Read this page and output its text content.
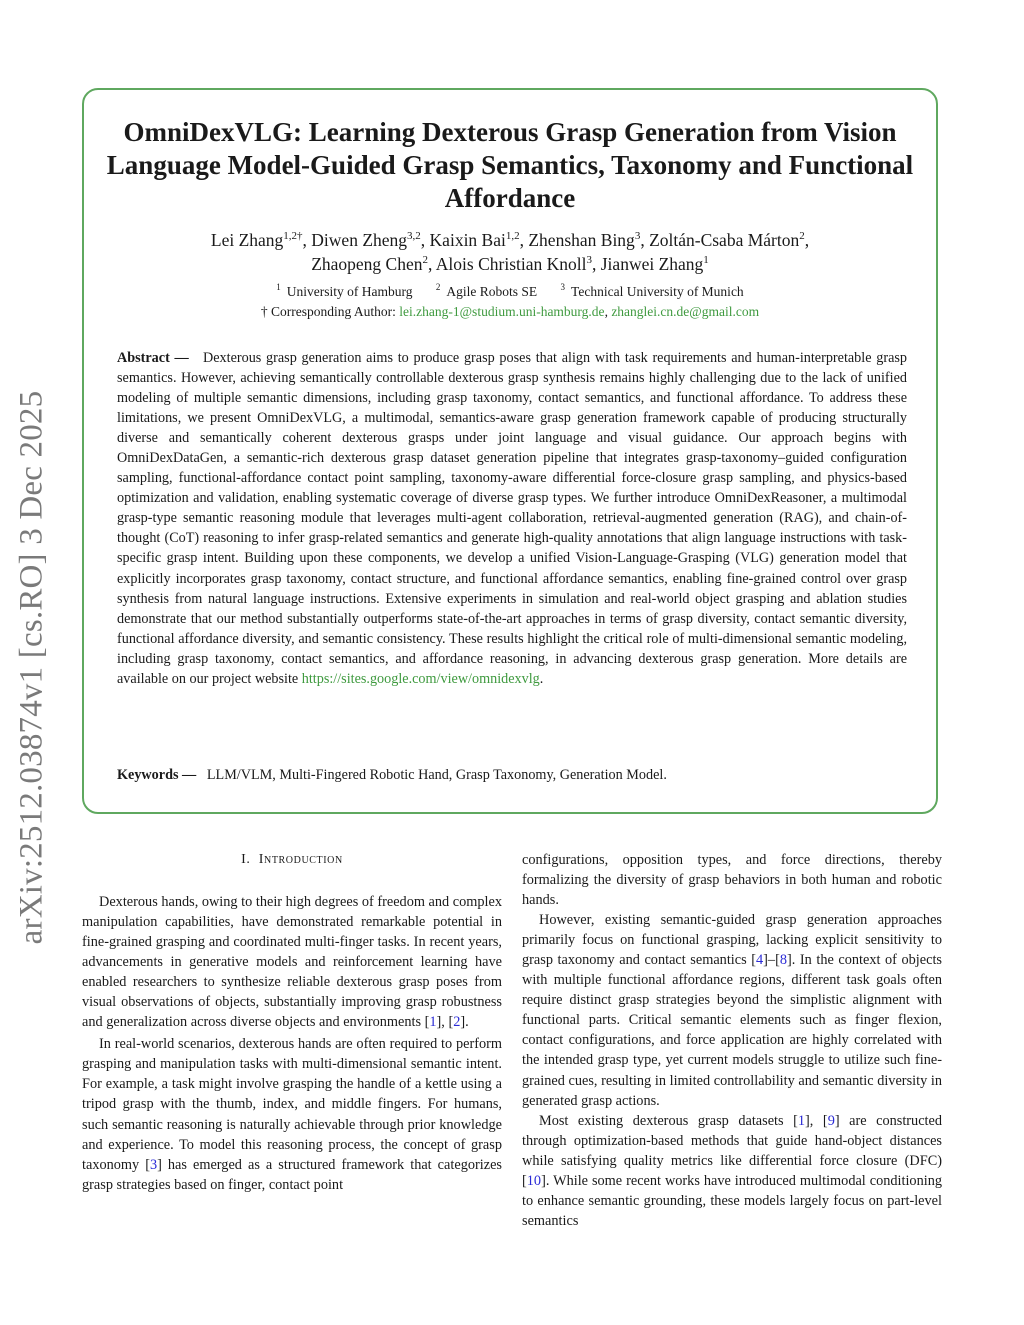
arXiv:2512.03874v1 [cs.RO] 3 Dec 2025
OmniDexVLG: Learning Dexterous Grasp Generation from Vision Language Model-Guided Grasp Semantics, Taxonomy and Functional Affordance
Lei Zhang$^{1,2\dagger}$, Diwen Zheng$^{3,2}$, Kaixin Bai$^{1,2}$, Zhenshan Bing$^3$, Zoltán-Csaba Márton$^2$,
Zhaopeng Chen$^2$, Alois Christian Knoll$^3$, Jianwei Zhang$^1$
$^1$ University of Hamburg	$^2$ Agile Robots SE	$^3$ Technical University of Munich
† Corresponding Author: lei.zhang-1@studium.uni-hamburg.de, zhanglei.cn.de@gmail.com

Abstract — Dexterous grasp generation aims to produce grasp poses that align with task requirements and human-interpretable grasp semantics. However, achieving semantically controllable dexterous grasp synthesis remains highly challenging due to the lack of unified modeling of multiple semantic dimensions, including grasp taxonomy, contact semantics, and functional affordance. To address these limitations, we present OmniDexVLG, a multimodal, semantics-aware grasp generation framework capable of producing structurally diverse and semantically coherent dexterous grasps under joint language and visual guidance. Our approach begins with OmniDexDataGen, a semantic-rich dexterous grasp dataset generation pipeline that integrates grasp-taxonomy–guided configuration sampling, functional-affordance contact point sampling, taxonomy-aware differential force-closure grasp sampling, and physics-based optimization and validation, enabling systematic coverage of diverse grasp types. We further introduce OmniDexReasoner, a multimodal grasp-type semantic reasoning module that leverages multi-agent collaboration, retrieval-augmented generation (RAG), and chain-of-thought (CoT) reasoning to infer grasp-related semantics and generate high-quality annotations that align language instructions with task-specific grasp intent. Building upon these components, we develop a unified Vision-Language-Grasping (VLG) generation model that explicitly incorporates grasp taxonomy, contact structure, and functional affordance semantics, enabling fine-grained control over grasp synthesis from natural language instructions. Extensive experiments in simulation and real-world object grasping and ablation studies demonstrate that our method substantially outperforms state-of-the-art approaches in terms of grasp diversity, contact semantic diversity, functional affordance diversity, and semantic consistency. These results highlight the critical role of multi-dimensional semantic modeling, including grasp taxonomy, contact semantics, and affordance reasoning, in advancing dexterous grasp generation. More details are available on our project website https://sites.google.com/view/omnidexvlg.

Keywords — LLM/VLM, Multi-Fingered Robotic Hand, Grasp Taxonomy, Generation Model.

I. Introduction

Dexterous hands, owing to their high degrees of freedom and complex manipulation capabilities, have demonstrated remarkable potential in fine-grained grasping and coordinated multi-finger tasks. In recent years, advancements in generative models and reinforcement learning have enabled researchers to synthesize reliable dexterous grasp poses from visual observations of objects, substantially improving grasp robustness and generalization across diverse objects and environments [1], [2].

In real-world scenarios, dexterous hands are often required to perform grasping and manipulation tasks with multi-dimensional semantic intent. For example, a task might involve grasping the handle of a kettle using a tripod grasp with the thumb, index, and middle fingers. For humans, such semantic reasoning is naturally achievable through prior knowledge and experience. To model this reasoning process, the concept of grasp taxonomy [3] has emerged as a structured framework that categorizes grasp strategies based on finger, contact point

configurations, opposition types, and force directions, thereby formalizing the diversity of grasp behaviors in both human and robotic hands.

However, existing semantic-guided grasp generation approaches primarily focus on functional grasping, lacking explicit sensitivity to grasp taxonomy and contact semantics [4]–[8]. In the context of objects with multiple functional affordance regions, different task goals often require distinct grasp strategies beyond the simplistic alignment with functional parts. Critical semantic elements such as finger flexion, contact configurations, and force application are highly correlated with the intended grasp type, yet current models struggle to utilize such fine-grained cues, resulting in limited controllability and semantic diversity in generated grasp actions.

Most existing dexterous grasp datasets [1], [9] are constructed through optimization-based methods that guide hand-object distances while satisfying quality metrics like differential force closure (DFC) [10]. While some recent works have introduced multimodal conditioning to enhance semantic grounding, these models largely focus on part-level semantics
